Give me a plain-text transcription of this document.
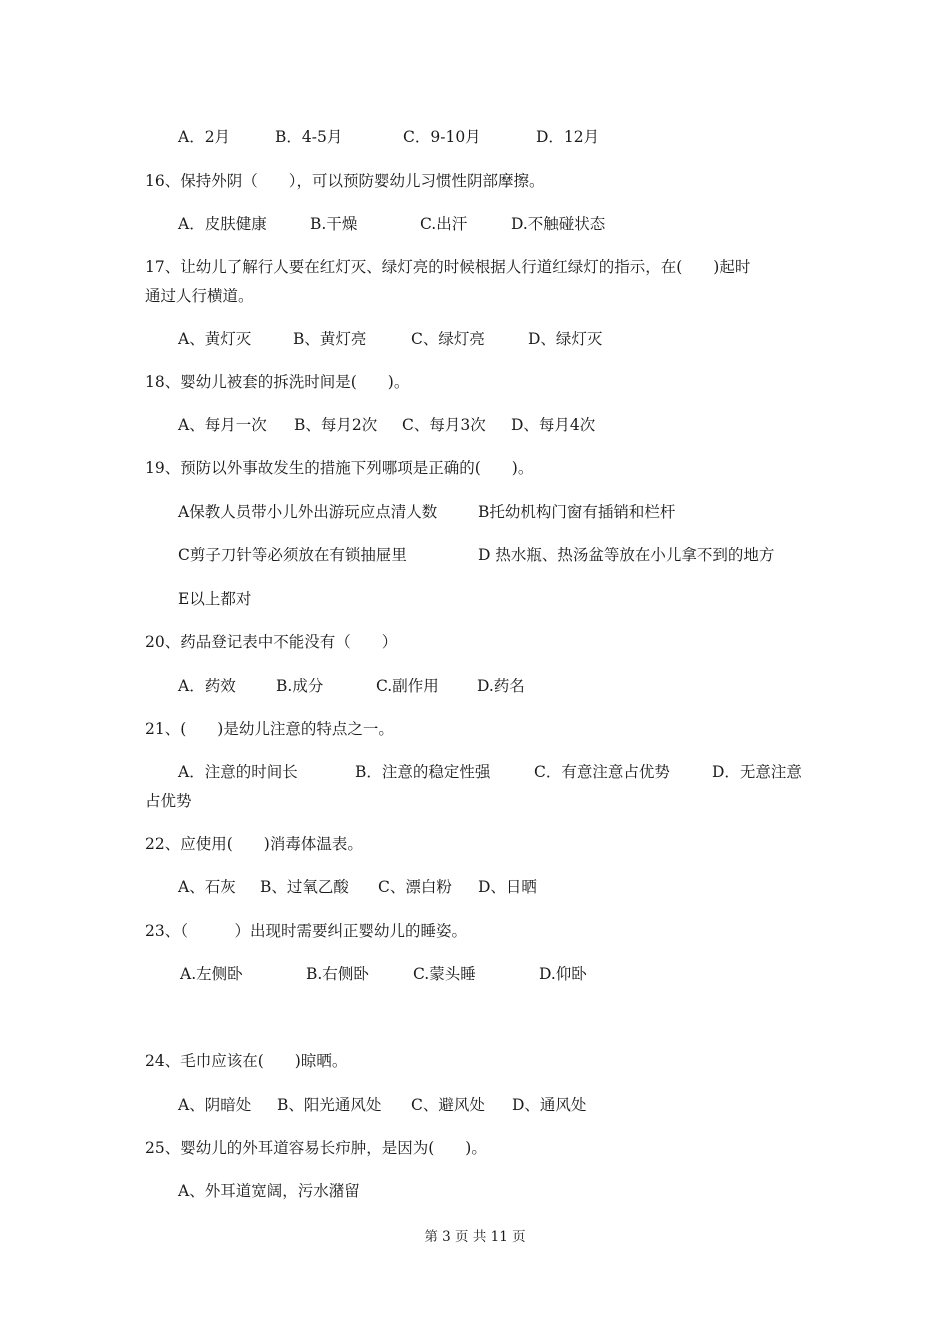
A．2月

	B．4-5月

	C．9-10月

	D．12月

16、保持外阴（　　），可以预防婴幼儿习惯性阴部摩擦。

A．皮肤健康

	B.干燥

	C.出汗

	D.不触碰状态

17、让幼儿了解行人要在红灯灭、绿灯亮的时候根据人行道红绿灯的指示，在(　　)起时
通过人行横道。

A、黄灯灭

	B、黄灯亮

	C、绿灯亮

	D、绿灯灭

18、婴幼儿被套的拆洗时间是(　　)。

A、每月一次

B、每月2次

C、每月3次

D、每月4次

19、预防以外事故发生的措施下列哪项是正确的(　　)。

A保教人员带小儿外出游玩应点清人数

	B托幼机构门窗有插销和栏杆

C剪子刀针等必须放在有锁抽屉里

	D 热水瓶、热汤盆等放在小儿拿不到的地方

E以上都对
20、药品登记表中不能没有（　　）

A．药效

	B.成分

	C.副作用

D.药名

21、(　　)是幼儿注意的特点之一。

A．注意的时间长

	B．注意的稳定性强

	C．有意注意占优势

	D．无意注意

占优势
22、应使用(　　)消毒体温表。

A、石灰

B、过氧乙酸

C、漂白粉

D、日晒

23、（　　　）出现时需要纠正婴幼儿的睡姿。

A.左侧卧

	B.右侧卧

	C.蒙头睡

	D.仰卧

24、毛巾应该在(　　)晾晒。

A、阴暗处

B、阳光通风处

C、避风处

D、通风处

25、婴幼儿的外耳道容易长疖肿，是因为(　　)。
A、外耳道宽阔，污水潴留
第 3 页 共 11 页
